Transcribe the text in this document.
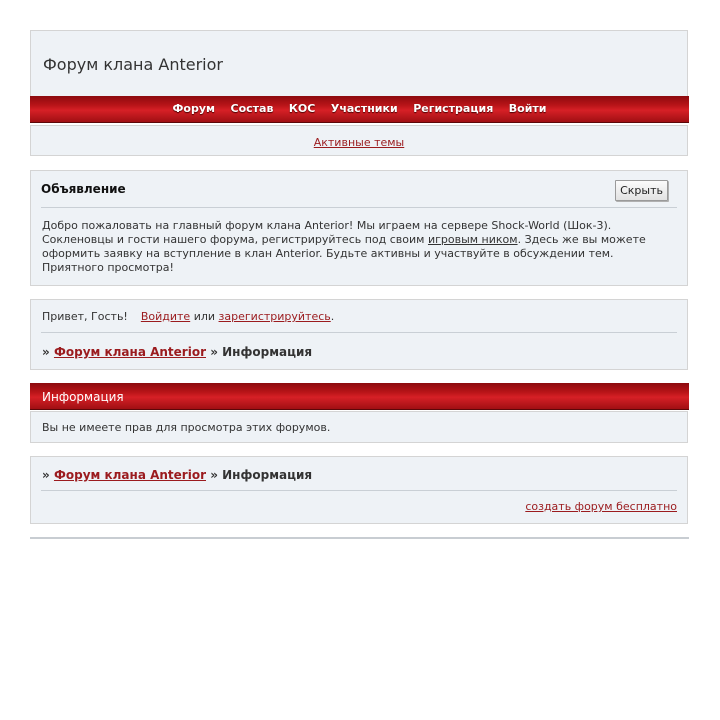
Форум клана Anterior
Форум Состав КОС Участники Регистрация Войти
Активные темы
Объявление	Скрыть
Добро пожаловать на главный форум клана Anterior! Мы играем на сервере Shock-World (Шок-3). Сокленовцы и гости нашего форума, регистрируйтесь под своим игровым ником. Здесь же вы можете оформить заявку на вступление в клан Anterior. Будьте активны и участвуйте в обсуждении тем. Приятного просмотра!
Привет, Гость! Войдите или зарегистрируйтесь.
» Форум клана Anterior » Информация
Информация
Вы не имеете прав для просмотра этих форумов.
» Форум клана Anterior » Информация
создать форум бесплатно
